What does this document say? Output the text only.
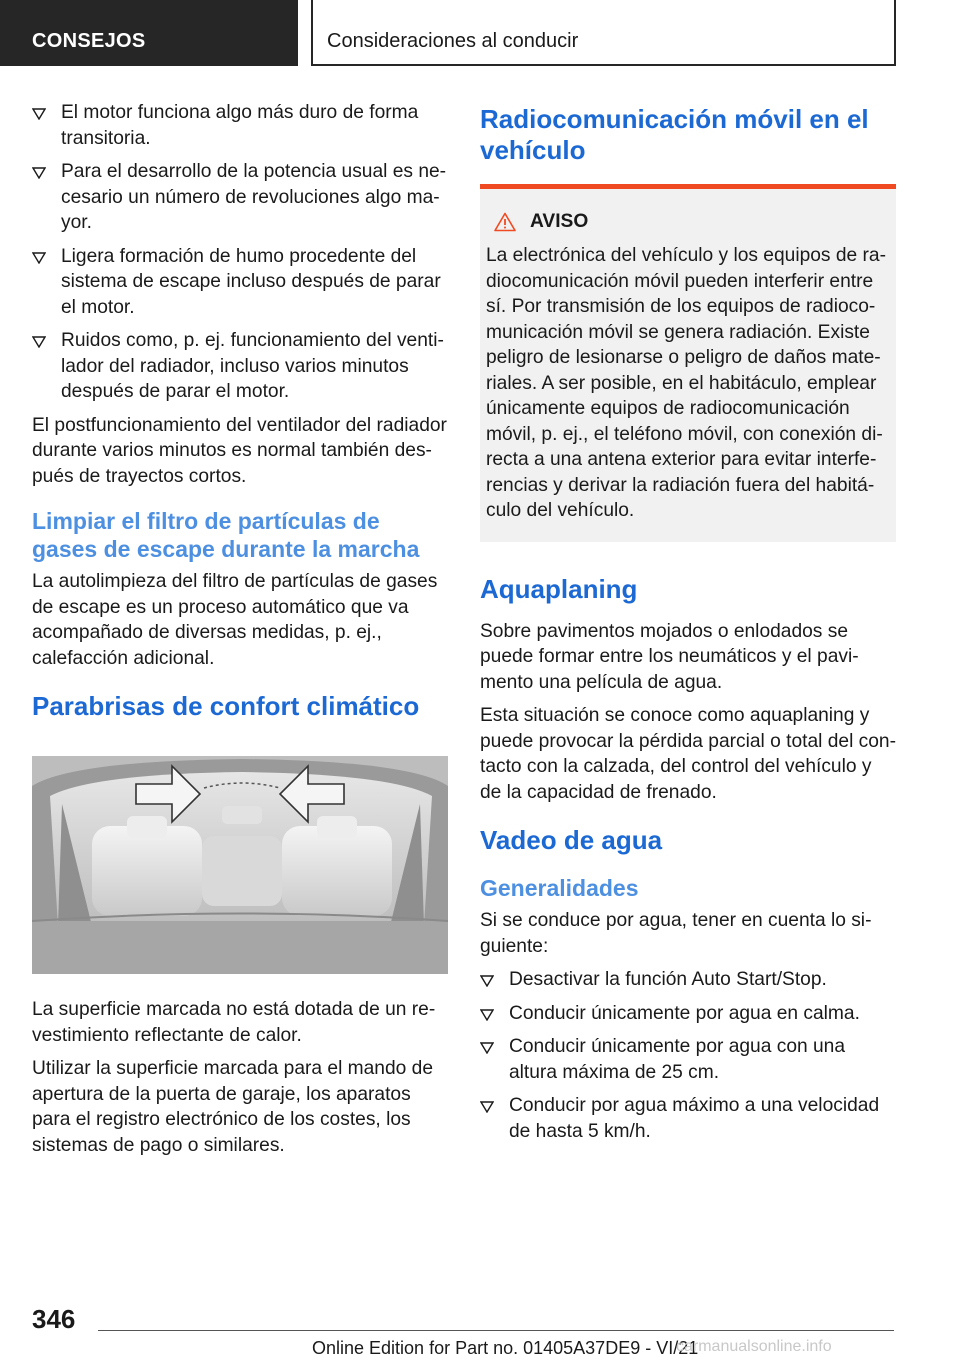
CONSEJOS	Consideraciones al conducir
El motor funciona algo más duro de forma transitoria.
Para el desarrollo de la potencia usual es necesario un número de revoluciones algo mayor.
Ligera formación de humo procedente del sistema de escape incluso después de parar el motor.
Ruidos como, p. ej. funcionamiento del ventilador del radiador, incluso varios minutos después de parar el motor.

El postfuncionamiento del ventilador del radiador durante varios minutos es normal también después de trayectos cortos.

Limpiar el filtro de partículas de gases de escape durante la marcha

La autolimpieza del filtro de partículas de gases de escape es un proceso automático que va acompañado de diversas medidas, p. ej., calefacción adicional.

Parabrisas de confort climático

La superficie marcada no está dotada de un revestimiento reflectante de calor.

Utilizar la superficie marcada para el mando de apertura de la puerta de garaje, los aparatos para el registro electrónico de los costes, los sistemas de pago o similares.

Radiocomunicación móvil en el vehículo
AVISO

La electrónica del vehículo y los equipos de radiocomunicación móvil pueden interferir entre sí. Por transmisión de los equipos de radiocomunicación móvil se genera radiación. Existe peligro de lesionarse o peligro de daños materiales. A ser posible, en el habitáculo, emplear únicamente equipos de radiocomunicación móvil, p. ej., el teléfono móvil, con conexión directa a una antena exterior para evitar interferencias y derivar la radiación fuera del habitáculo del vehículo.

Aquaplaning

Sobre pavimentos mojados o enlodados se puede formar entre los neumáticos y el pavimento una película de agua.

Esta situación se conoce como aquaplaning y puede provocar la pérdida parcial o total del contacto con la calzada, del control del vehículo y de la capacidad de frenado.

Vadeo de agua
Generalidades

Si se conduce por agua, tener en cuenta lo siguiente:

Desactivar la función Auto Start/Stop.
Conducir únicamente por agua en calma.
Conducir únicamente por agua con una altura máxima de 25 cm.
Conducir por agua máximo a una velocidad de hasta 5 km/h.
346
Online Edition for Part no. 01405A37DE9 - VI/21
carmanualsonline.info
